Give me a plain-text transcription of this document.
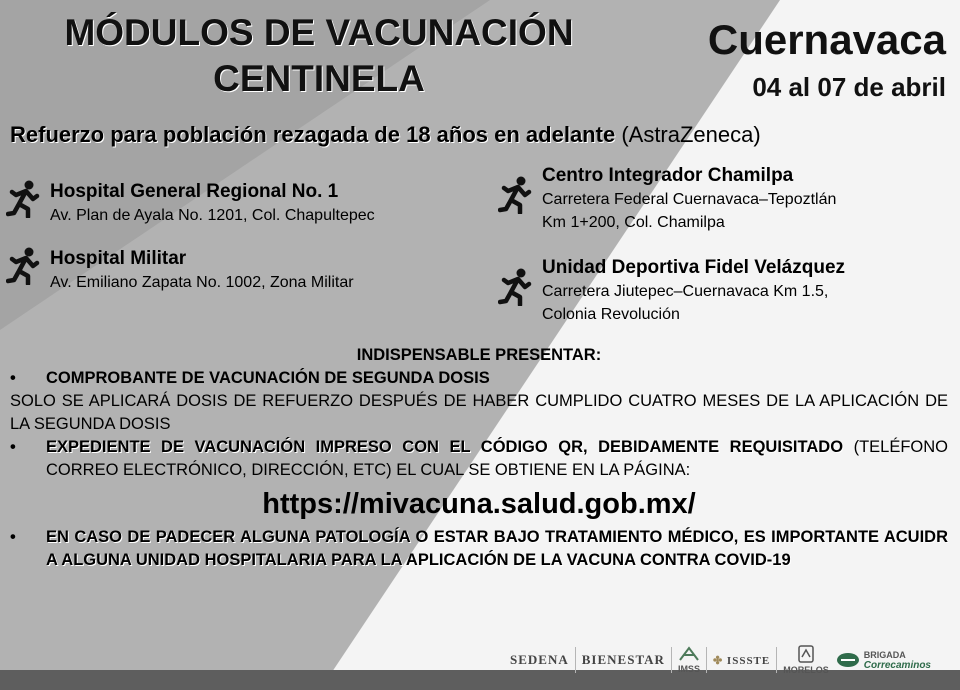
MÓDULOS DE VACUNACIÓN
CENTINELA
Cuernavaca
04 al 07 de abril
Refuerzo para población rezagada de 18 años en adelante (AstraZeneca)
Hospital General Regional No. 1
Av. Plan de Ayala No. 1201, Col. Chapultepec
Hospital Militar
Av. Emiliano Zapata No. 1002, Zona Militar
Centro Integrador Chamilpa
Carretera Federal Cuernavaca–Tepoztlán
Km 1+200, Col. Chamilpa
Unidad Deportiva Fidel Velázquez
Carretera Jiutepec–Cuernavaca Km 1.5,
Colonia Revolución
INDISPENSABLE PRESENTAR:
•	COMPROBANTE DE VACUNACIÓN DE SEGUNDA DOSIS
SOLO SE APLICARÁ DOSIS DE REFUERZO DESPUÉS DE HABER CUMPLIDO CUATRO MESES DE LA APLICACIÓN DE LA SEGUNDA DOSIS
•	EXPEDIENTE DE VACUNACIÓN IMPRESO CON EL CÓDIGO QR, DEBIDAMENTE REQUISITADO (TELÉFONO CORREO ELECTRÓNICO, DIRECCIÓN, ETC) EL CUAL SE OBTIENE EN LA PÁGINA:
https://mivacuna.salud.gob.mx/
•	EN CASO DE PADECER ALGUNA PATOLOGÍA O ESTAR BAJO TRATAMIENTO MÉDICO, ES IMPORTANTE ACUIDR A ALGUNA UNIDAD HOSPITALARIA PARA LA APLICACIÓN DE LA VACUNA CONTRA COVID-19
SEDENA BIENESTAR

IMSS
✤ ISSSTE

MORELOS
BRIGADA
Correcaminos
